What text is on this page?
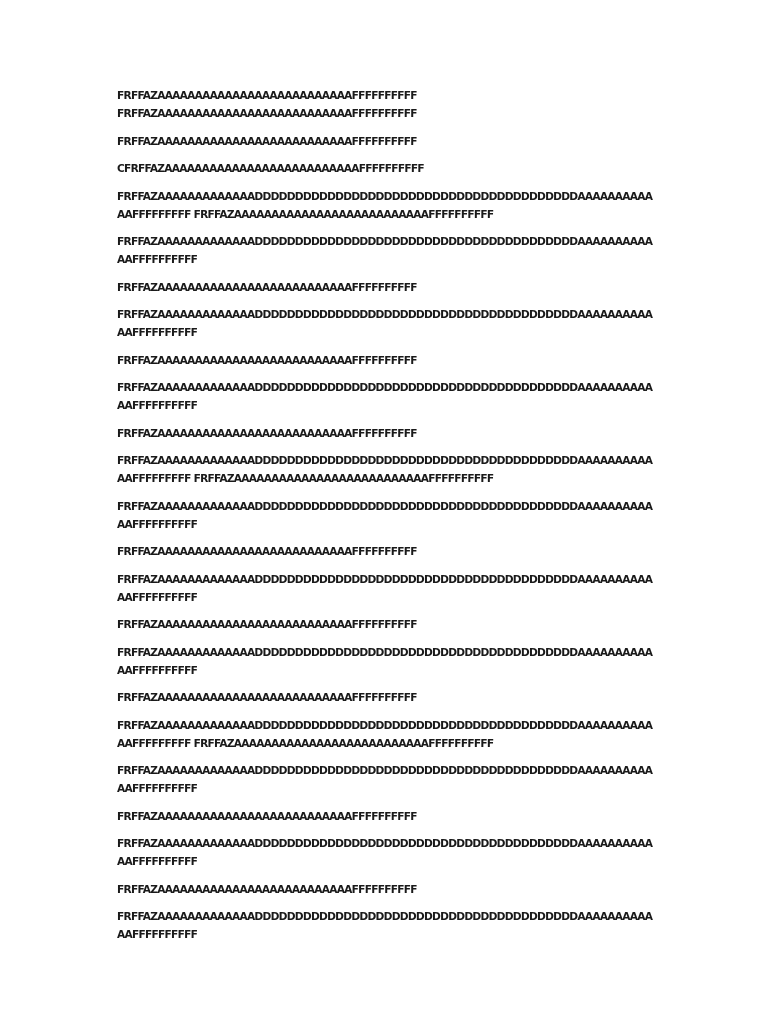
FRFFAZAAAAAAAAAAAAAAAAAAAAAAAAAAFFFFFFFFFF
FRFFAZAAAAAAAAAAAAAAAAAAAAAAAAAAFFFFFFFFFF

FRFFAZAAAAAAAAAAAAAAAAAAAAAAAAAAFFFFFFFFFF

CFRFFAZAAAAAAAAAAAAAAAAAAAAAAAAAAFFFFFFFFFF

FRFFAZAAAAAAAAAAAAADDDDDDDDDDDDDDDDDDDDDDDDDDDDDDDDDDDDDDDDAAAAAAAAAA
AAFFFFFFFFF FRFFAZAAAAAAAAAAAAAAAAAAAAAAAAAAFFFFFFFFFF

FRFFAZAAAAAAAAAAAAADDDDDDDDDDDDDDDDDDDDDDDDDDDDDDDDDDDDDDDDAAAAAAAAAA
AAFFFFFFFFFF

FRFFAZAAAAAAAAAAAAAAAAAAAAAAAAAAFFFFFFFFFF

FRFFAZAAAAAAAAAAAAADDDDDDDDDDDDDDDDDDDDDDDDDDDDDDDDDDDDDDDDAAAAAAAAAA
AAFFFFFFFFFF

FRFFAZAAAAAAAAAAAAAAAAAAAAAAAAAAFFFFFFFFFF

FRFFAZAAAAAAAAAAAAADDDDDDDDDDDDDDDDDDDDDDDDDDDDDDDDDDDDDDDDAAAAAAAAAA
AAFFFFFFFFFF

FRFFAZAAAAAAAAAAAAAAAAAAAAAAAAAAFFFFFFFFFF

FRFFAZAAAAAAAAAAAAADDDDDDDDDDDDDDDDDDDDDDDDDDDDDDDDDDDDDDDDAAAAAAAAAA
AAFFFFFFFFF FRFFAZAAAAAAAAAAAAAAAAAAAAAAAAAAFFFFFFFFFF

FRFFAZAAAAAAAAAAAAADDDDDDDDDDDDDDDDDDDDDDDDDDDDDDDDDDDDDDDDAAAAAAAAAA
AAFFFFFFFFFF

FRFFAZAAAAAAAAAAAAAAAAAAAAAAAAAAFFFFFFFFFF

FRFFAZAAAAAAAAAAAAADDDDDDDDDDDDDDDDDDDDDDDDDDDDDDDDDDDDDDDDAAAAAAAAAA
AAFFFFFFFFFF

FRFFAZAAAAAAAAAAAAAAAAAAAAAAAAAAFFFFFFFFFF

FRFFAZAAAAAAAAAAAAADDDDDDDDDDDDDDDDDDDDDDDDDDDDDDDDDDDDDDDDAAAAAAAAAA
AAFFFFFFFFFF

FRFFAZAAAAAAAAAAAAAAAAAAAAAAAAAAFFFFFFFFFF

FRFFAZAAAAAAAAAAAAADDDDDDDDDDDDDDDDDDDDDDDDDDDDDDDDDDDDDDDDAAAAAAAAAA
AAFFFFFFFFF FRFFAZAAAAAAAAAAAAAAAAAAAAAAAAAAFFFFFFFFFF

FRFFAZAAAAAAAAAAAAADDDDDDDDDDDDDDDDDDDDDDDDDDDDDDDDDDDDDDDDAAAAAAAAAA
AAFFFFFFFFFF

FRFFAZAAAAAAAAAAAAAAAAAAAAAAAAAAFFFFFFFFFF

FRFFAZAAAAAAAAAAAAADDDDDDDDDDDDDDDDDDDDDDDDDDDDDDDDDDDDDDDDAAAAAAAAAA
AAFFFFFFFFFF

FRFFAZAAAAAAAAAAAAAAAAAAAAAAAAAAFFFFFFFFFF

FRFFAZAAAAAAAAAAAAADDDDDDDDDDDDDDDDDDDDDDDDDDDDDDDDDDDDDDDDAAAAAAAAAA
AAFFFFFFFFFF
